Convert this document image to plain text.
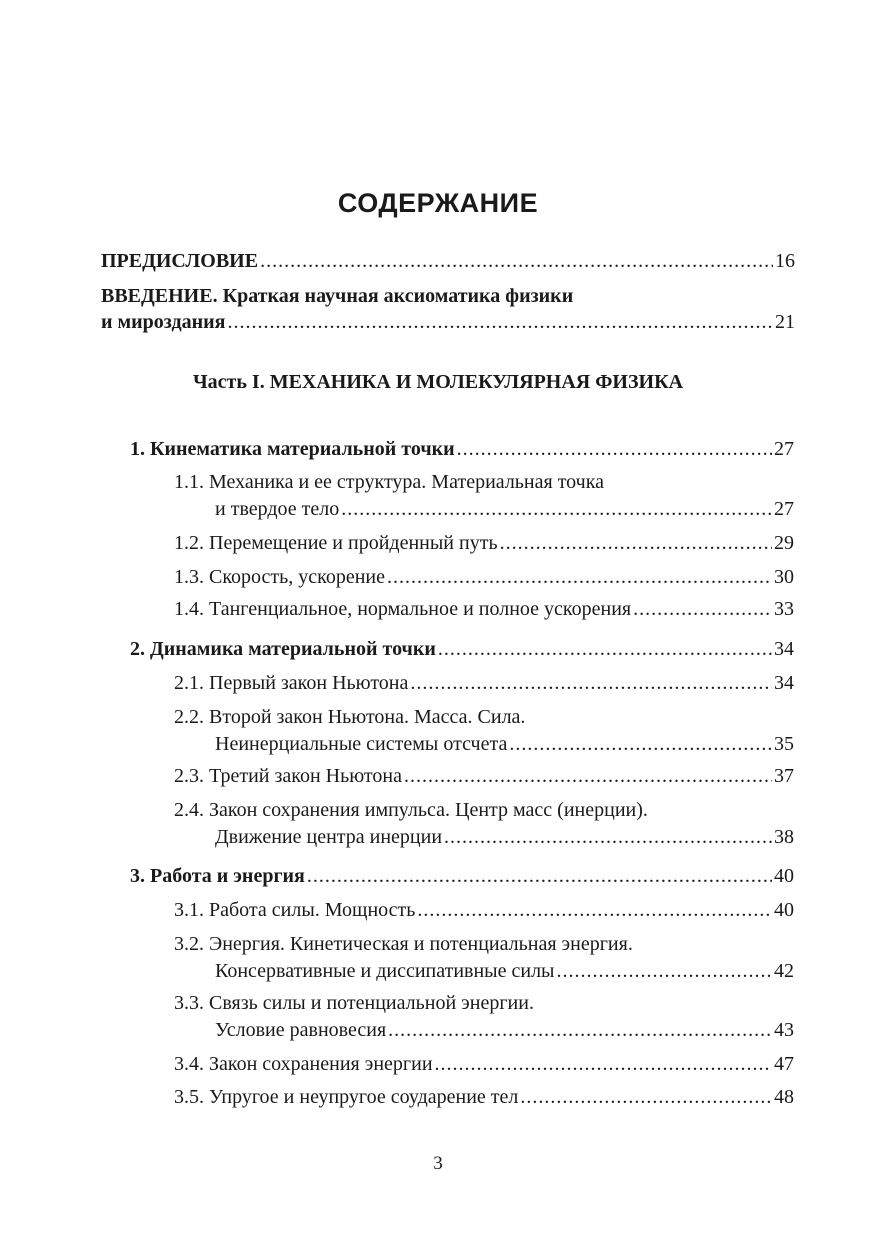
СОДЕРЖАНИЕ
ПРЕДИСЛОВИЕ .....	16
ВВЕДЕНИЕ. Краткая научная аксиоматика физики
и мироздания .....	21
Часть I. МЕХАНИКА И МОЛЕКУЛЯРНАЯ ФИЗИКА
1. Кинематика материальной точки .....	27
1.1. Механика и ее структура. Материальная точка
и твердое тело .....	27
1.2. Перемещение и пройденный путь .....	29
1.3. Скорость, ускорение .....	30
1.4. Тангенциальное, нормальное и полное ускорения .....	33
2. Динамика материальной точки .....	34
2.1. Первый закон Ньютона .....	34
2.2. Второй закон Ньютона. Масса. Сила.
Неинерциальные системы отсчета .....	35
2.3. Третий закон Ньютона .....	37
2.4. Закон сохранения импульса. Центр масс (инерции).
Движение центра инерции .....	38
3. Работа и энергия .....	40
3.1. Работа силы. Мощность .....	40
3.2. Энергия. Кинетическая и потенциальная энергия.
Консервативные и диссипативные силы .....	42
3.3. Связь силы и потенциальной энергии.
Условие равновесия .....	43
3.4. Закон сохранения энергии .....	47
3.5. Упругое и неупругое соударение тел .....	48
3
